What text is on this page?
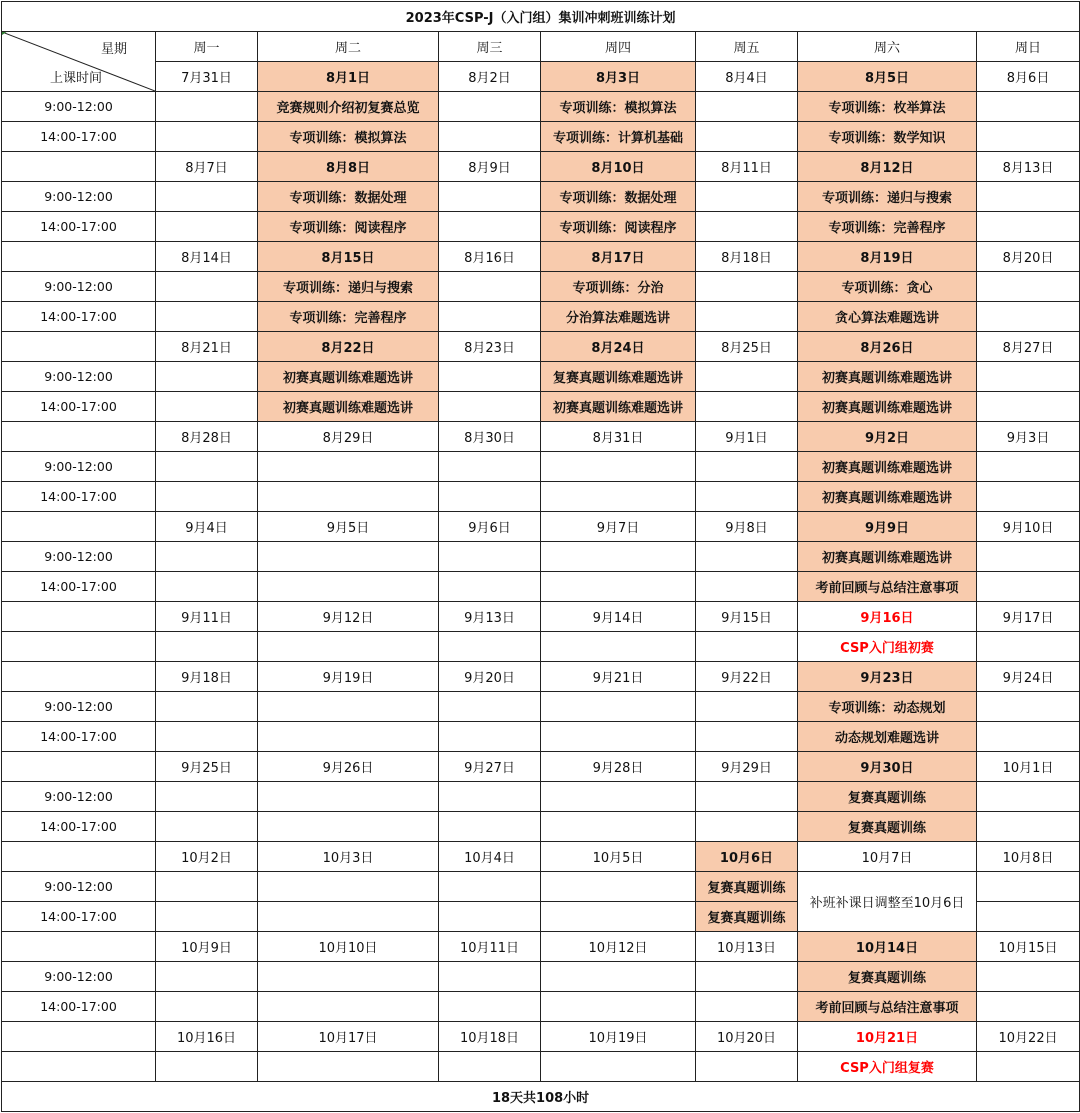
2023年CSP-J（入门组）集训冲刺班训练计划							

星期
上课时间	周一	周二	周三	周四	周五	周六	周日
	7月31日	8月1日	8月2日	8月3日	8月4日	8月5日	8月6日
9:00-12:00		竞赛规则介绍初复赛总览		专项训练：模拟算法		专项训练：枚举算法	
14:00-17:00		专项训练：模拟算法		专项训练：计算机基础		专项训练：数学知识	
	8月7日	8月8日	8月9日	8月10日	8月11日	8月12日	8月13日
9:00-12:00		专项训练：数据处理		专项训练：数据处理		专项训练：递归与搜索	
14:00-17:00		专项训练：阅读程序		专项训练：阅读程序		专项训练：完善程序	
	8月14日	8月15日	8月16日	8月17日	8月18日	8月19日	8月20日
9:00-12:00		专项训练：递归与搜索		专项训练：分治		专项训练：贪心	
14:00-17:00		专项训练：完善程序		分治算法难题选讲		贪心算法难题选讲	
	8月21日	8月22日	8月23日	8月24日	8月25日	8月26日	8月27日
9:00-12:00		初赛真题训练难题选讲		复赛真题训练难题选讲		初赛真题训练难题选讲	
14:00-17:00		初赛真题训练难题选讲		初赛真题训练难题选讲		初赛真题训练难题选讲	
	8月28日	8月29日	8月30日	8月31日	9月1日	9月2日	9月3日
9:00-12:00						初赛真题训练难题选讲	
14:00-17:00						初赛真题训练难题选讲	
	9月4日	9月5日	9月6日	9月7日	9月8日	9月9日	9月10日
9:00-12:00						初赛真题训练难题选讲	
14:00-17:00						考前回顾与总结注意事项	
	9月11日	9月12日	9月13日	9月14日	9月15日	9月16日	9月17日
						CSP入门组初赛	
	9月18日	9月19日	9月20日	9月21日	9月22日	9月23日	9月24日
9:00-12:00						专项训练：动态规划	
14:00-17:00						动态规划难题选讲	
	9月25日	9月26日	9月27日	9月28日	9月29日	9月30日	10月1日
9:00-12:00						复赛真题训练	
14:00-17:00						复赛真题训练	
	10月2日	10月3日	10月4日	10月5日	10月6日	10月7日	10月8日
9:00-12:00					复赛真题训练	补班补课日调整至10月6日	
14:00-17:00					复赛真题训练		
	10月9日	10月10日	10月11日	10月12日	10月13日	10月14日	10月15日
9:00-12:00						复赛真题训练	
14:00-17:00						考前回顾与总结注意事项	
	10月16日	10月17日	10月18日	10月19日	10月20日	10月21日	10月22日
						CSP入门组复赛	
18天共108小时							
